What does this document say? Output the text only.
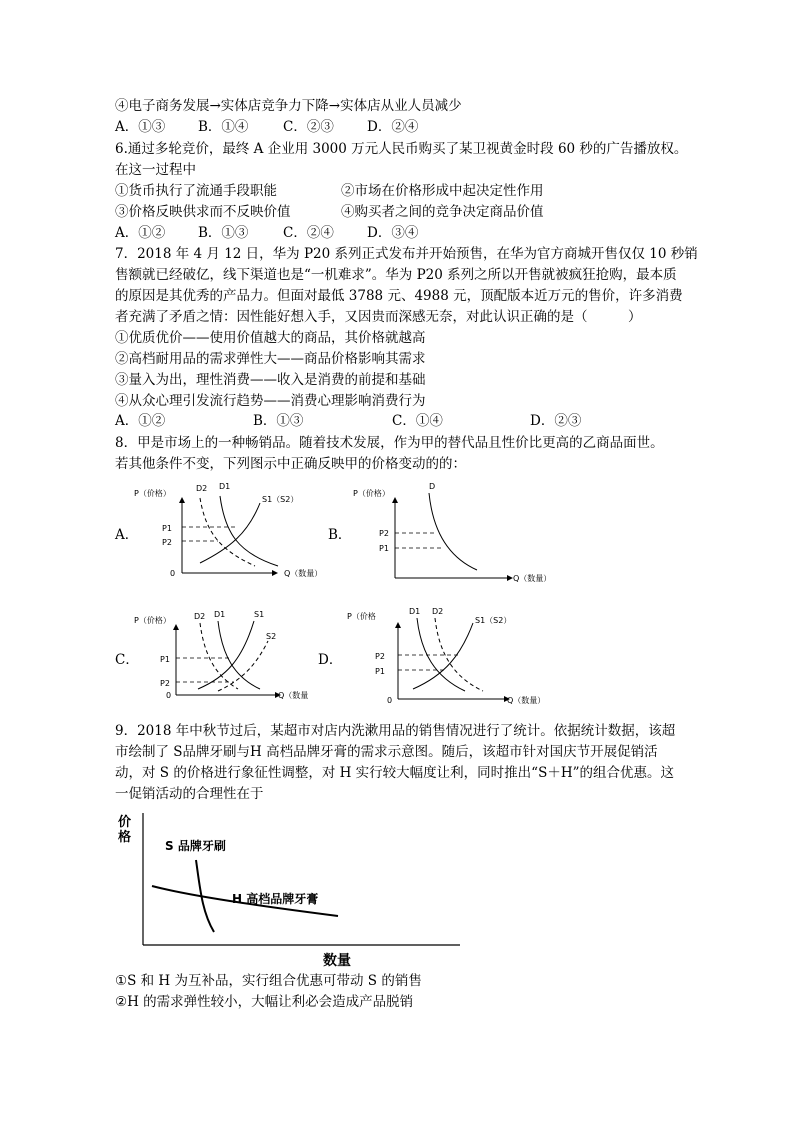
④电子商务发展→实体店竞争力下降→实体店从业人员减少
A．①③ B．①④	C．②③ D．②④
6.通过多轮竞价，最终 A 企业用 3000 万元人民币购买了某卫视黄金时段 60 秒的广告播放权。
在这一过程中
①货币执行了流通手段职能	②市场在价格形成中起决定性作用
③价格反映供求而不反映价值	④购买者之间的竞争决定商品价值
A．①② B．①③	C．②④ D．③④
7．2018 年 4 月 12 日，华为 P20 系列正式发布并开始预售，在华为官方商城开售仅仅 10 秒销
售额就已经破亿，线下渠道也是“一机难求”。华为 P20 系列之所以开售就被疯狂抢购，最本质
的原因是其优秀的产品力。但面对最低 3788 元、4988 元，顶配版本近万元的售价，许多消费
者充满了矛盾之情：因性能好想入手，又因贵而深感无奈，对此认识正确的是（　　　）
①优质优价——使用价值越大的商品，其价格就越高
②高档耐用品的需求弹性大——商品价格影响其需求
③量入为出，理性消费——收入是消费的前提和基础
④从众心理引发流行趋势——消费心理影响消费行为
A．①②	B．①③	C．①④	D．②③
8．甲是市场上的一种畅销品。随着技术发展，作为甲的替代品且性价比更高的乙商品面世。
若其他条件不变，下列图示中正确反映甲的价格变动的的：
A．	B．
C．	D．
P（价格）
Q（数量）
0
P1
P2
D2 D1
S1（S2）
P（价格）
Q（数量）
D
P2
P1
P（价格）
Q（数量
0
P1
P2
D2 D1	S1
S2
P（价格
Q（数量）
0
P2
P1
D1 D2
S1（S2）
9．2018 年中秋节过后，某超市对店内洗漱用品的销售情况进行了统计。依据统计数据，该超
市绘制了 S品牌牙刷与H 高档品牌牙膏的需求示意图。随后，该超市针对国庆节开展促销活
动，对 S 的价格进行象征性调整，对 H 实行较大幅度让利，同时推出“S＋H”的组合优惠。这
一促销活动的合理性在于
价
格
数量
S 品牌牙刷
H 高档品牌牙膏
①S 和 H 为互补品，实行组合优惠可带动 S 的销售
②H 的需求弹性较小，大幅让利必会造成产品脱销
